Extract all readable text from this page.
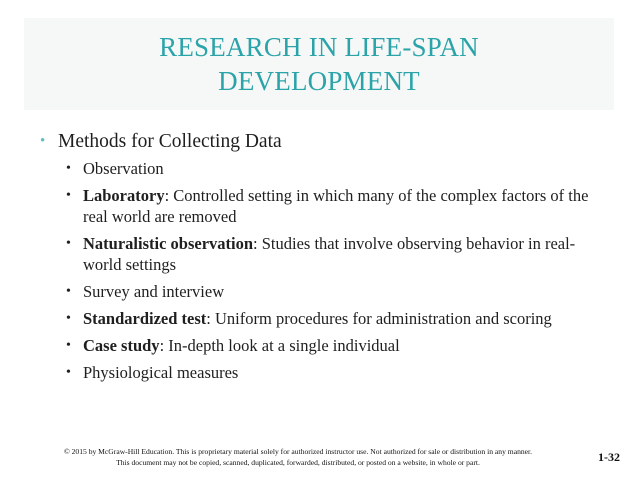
RESEARCH IN LIFE-SPAN
DEVELOPMENT
• Methods for Collecting Data
• Observation
• Laboratory: Controlled setting in which many of the complex factors of the real world are removed
• Naturalistic observation: Studies that involve observing behavior in real-world settings
• Survey and interview
• Standardized test: Uniform procedures for administration and scoring
• Case study: In-depth look at a single individual
• Physiological measures
© 2015 by McGraw-Hill Education. This is proprietary material solely for authorized instructor use. Not authorized for sale or distribution in any manner.
This document may not be copied, scanned, duplicated, forwarded, distributed, or posted on a website, in whole or part.	1-32
